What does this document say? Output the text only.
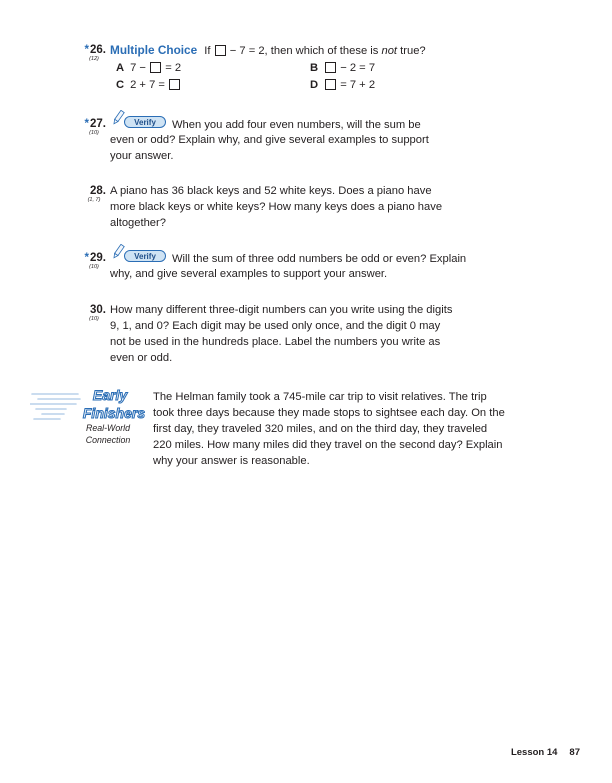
*26.
(12)
Multiple Choice If − 7 = 2, then which of these is not true?
A 7 − = 2	B − 2 = 7
C 2 + 7 =	D = 7 + 2
*27.
(10)
Verify	When you add four even numbers, will the sum be
even or odd? Explain why, and give several examples to support
your answer.
28.
(1, 7)
A piano has 36 black keys and 52 white keys. Does a piano have
more black keys or white keys? How many keys does a piano have
altogether?
*29.
(10)
Verify	Will the sum of three odd numbers be odd or even? Explain
why, and give several examples to support your answer.
30.
(10)
How many different three-digit numbers can you write using the digits
9, 1, and 0? Each digit may be used only once, and the digit 0 may
not be used in the hundreds place. Label the numbers you write as
even or odd.
Early
Finishers
Real-World
Connection
The Helman family took a 745-mile car trip to visit relatives. The trip
took three days because they made stops to sightsee each day. On the
first day, they traveled 320 miles, and on the third day, they traveled
220 miles. How many miles did they travel on the second day? Explain
why your answer is reasonable.
Lesson 14 87
